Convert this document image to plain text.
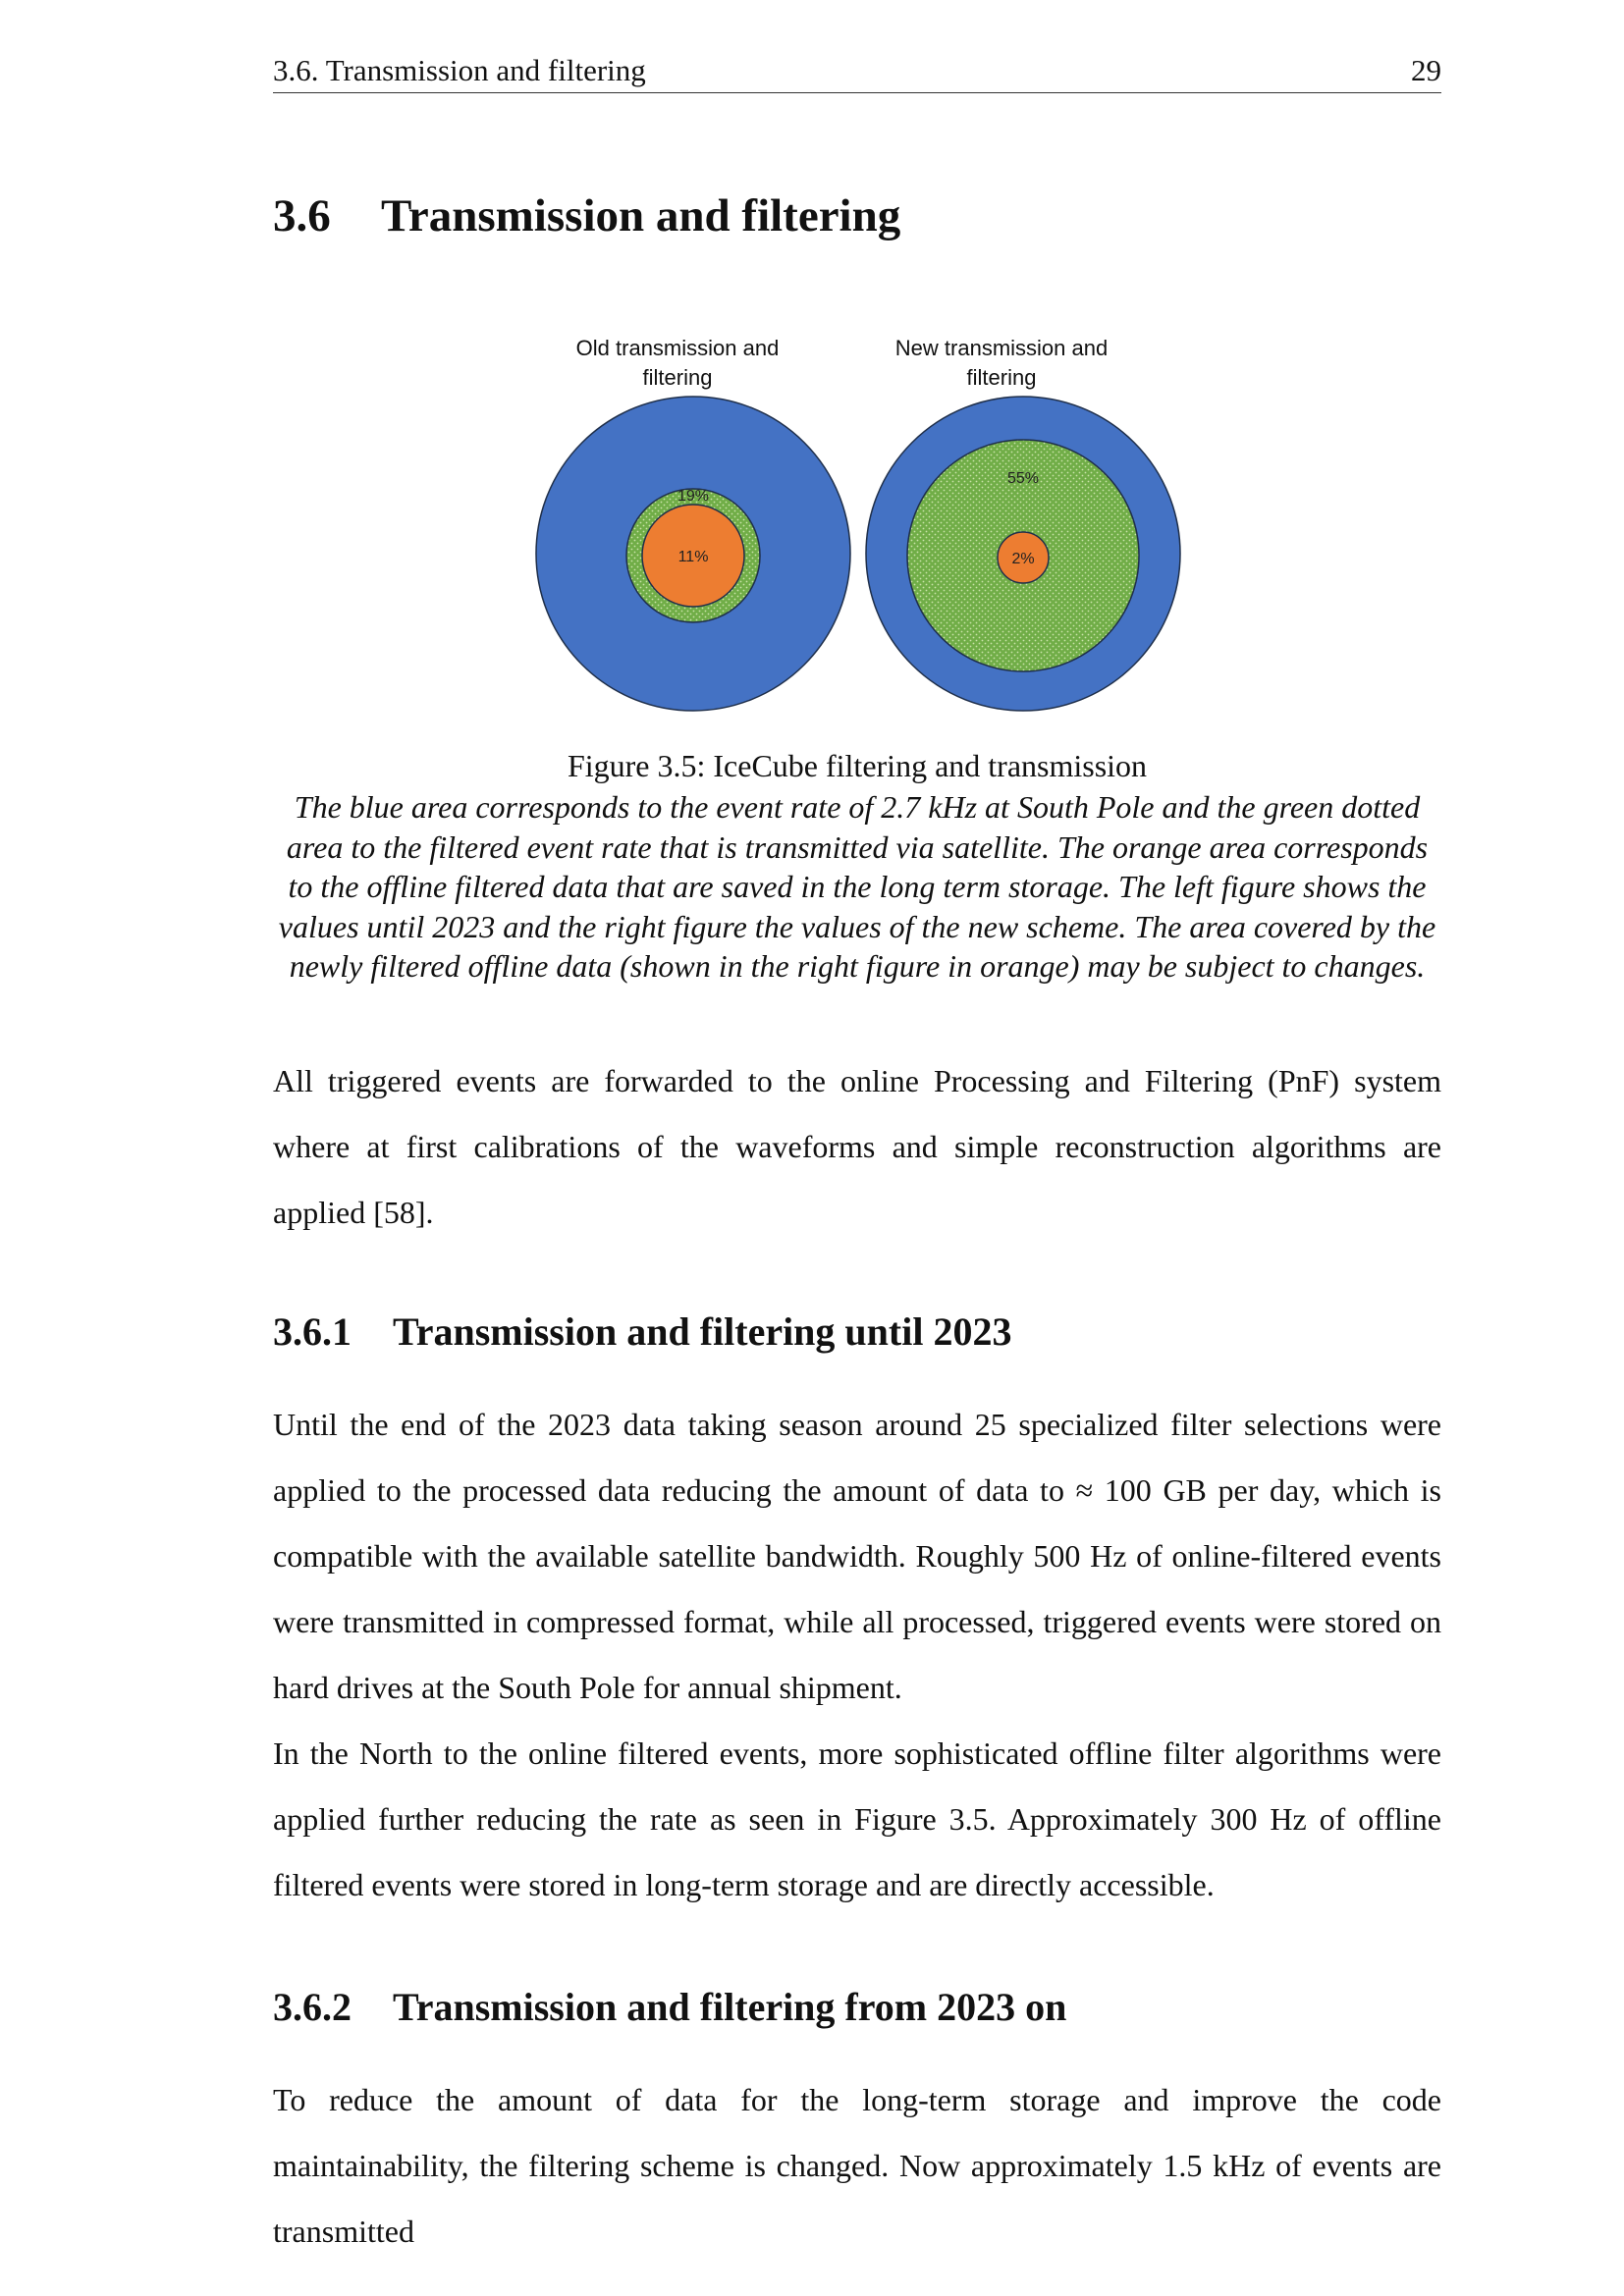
3.6. Transmission and filtering	29
3.6 Transmission and filtering
Old transmission and
filtering
New transmission and
filtering
19%
11%
55%
2%
Figure 3.5: IceCube filtering and transmission
The blue area corresponds to the event rate of 2.7 kHz at South Pole and the green dotted area to the filtered event rate that is transmitted via satellite. The orange area corresponds to the offline filtered data that are saved in the long term storage. The left figure shows the values until 2023 and the right figure the values of the new scheme. The area covered by the newly filtered offline data (shown in the right figure in orange) may be subject to changes.

All triggered events are forwarded to the online Processing and Filtering (PnF) system where at first calibrations of the waveforms and simple reconstruction algorithms are applied [58].

3.6.1 Transmission and filtering until 2023

Until the end of the 2023 data taking season around 25 specialized filter selections were applied to the processed data reducing the amount of data to ≈ 100 GB per day, which is compatible with the available satellite bandwidth. Roughly 500 Hz of online-filtered events were transmitted in compressed format, while all processed, triggered events were stored on hard drives at the South Pole for annual shipment.

In the North to the online filtered events, more sophisticated offline filter algorithms were applied further reducing the rate as seen in Figure 3.5. Approximately 300 Hz of offline filtered events were stored in long-term storage and are directly accessible.

3.6.2 Transmission and filtering from 2023 on

To reduce the amount of data for the long-term storage and improve the code maintainability, the filtering scheme is changed. Now approximately 1.5 kHz of events are transmitted
